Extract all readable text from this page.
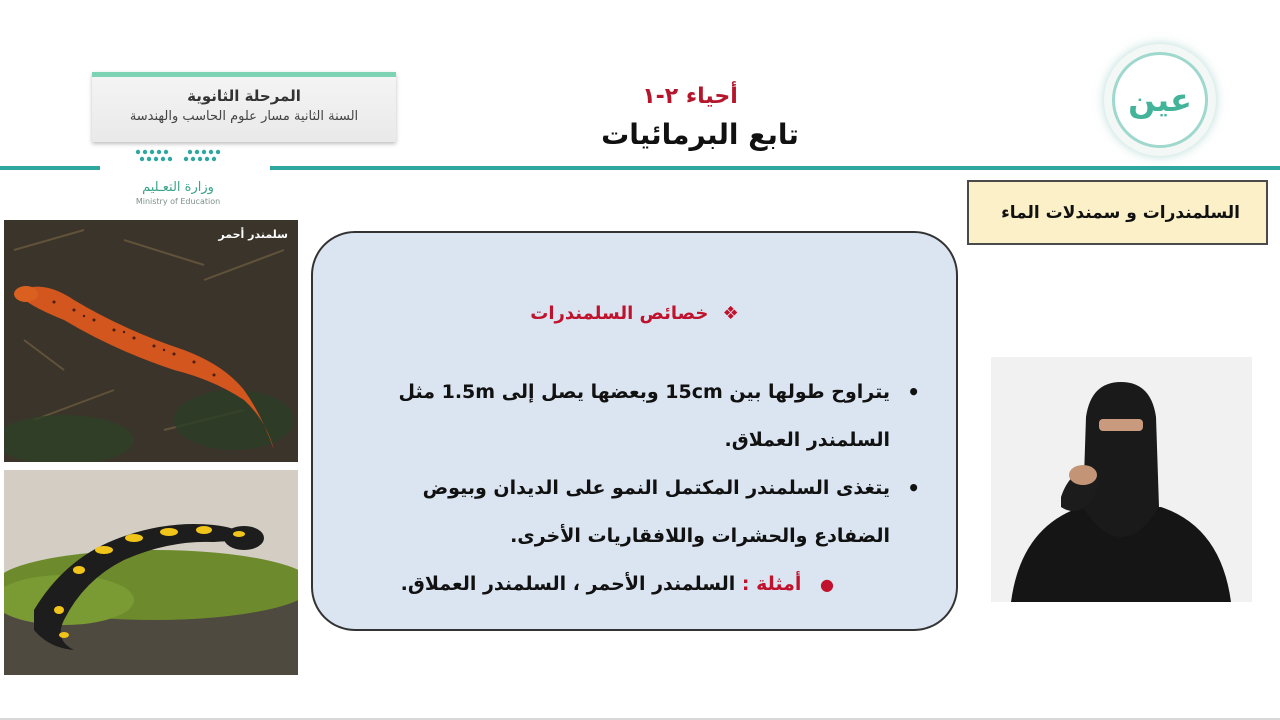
المرحلة الثانوية
السنة الثانية مسار علوم الحاسب والهندسة
وزارة التعـليم
Ministry of Education
أحياء ٢-١
تابع البرمائيات
عين
السلمندرات و سمندلات الماء
سلمندر أحمر
❖ خصائص السلمندرات
• يتراوح طولها بين 15cm وبعضها يصل إلى 1.5m مثل السلمندر العملاق.
• يتغذى السلمندر المكتمل النمو على الديدان وبيوض الضفادع والحشرات واللافقاريات الأخرى.
● أمثلة : السلمندر الأحمر ، السلمندر العملاق.
